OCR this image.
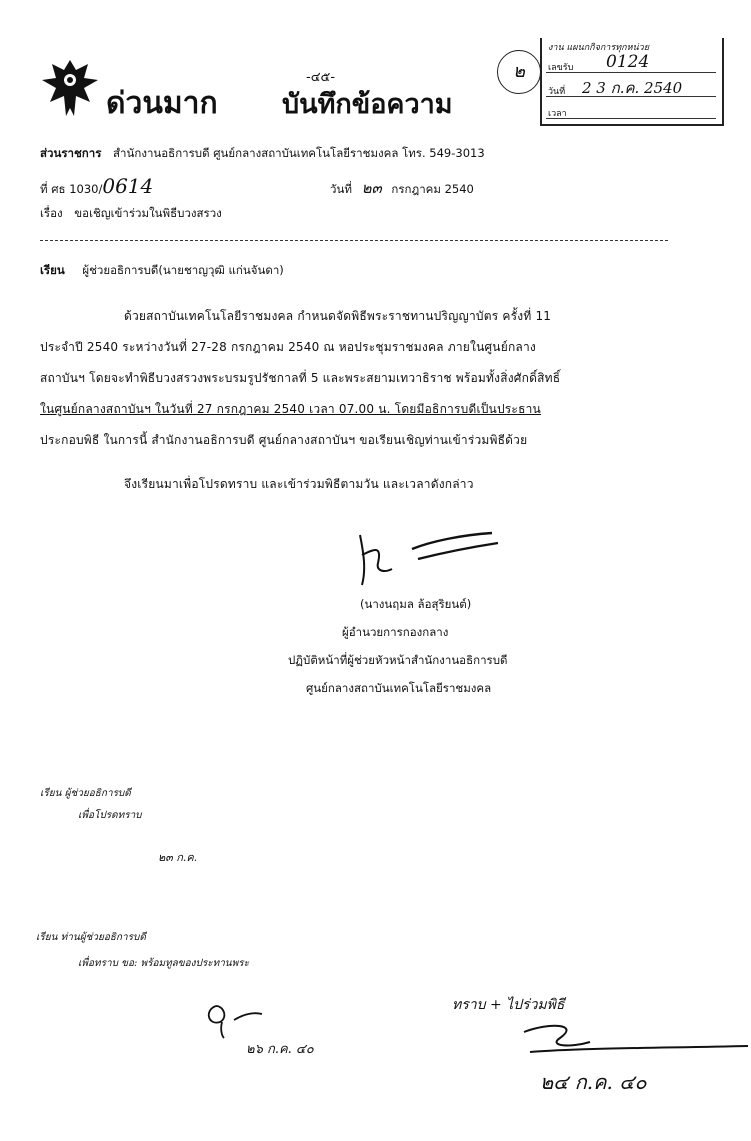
ด่วนมาก
-๔๕-
บันทึกข้อความ
๒
งาน แผนกกิจการทุกหน่วย
เลขรับ 0124
วันที่ 2 3 ก.ค. 2540
เวลา
ส่วนราชการ สำนักงานอธิการบดี ศูนย์กลางสถาบันเทคโนโลยีราชมงคล โทร. 549-3013
ที่ ศธ 1030/0614	วันที่ ๒๓ กรกฎาคม 2540
เรื่อง ขอเชิญเข้าร่วมในพิธีบวงสรวง
เรียน ผู้ช่วยอธิการบดี(นายชาญวุฒิ แก่นจันดา)
ด้วยสถาบันเทคโนโลยีราชมงคล กำหนดจัดพิธีพระราชทานปริญญาบัตร ครั้งที่ 11
ประจำปี 2540 ระหว่างวันที่ 27-28 กรกฎาคม 2540 ณ หอประชุมราชมงคล ภายในศูนย์กลาง
สถาบันฯ โดยจะทำพิธีบวงสรวงพระบรมรูปรัชกาลที่ 5 และพระสยามเทวาธิราช พร้อมทั้งสิ่งศักดิ์สิทธิ์
ในศูนย์กลางสถาบันฯ ในวันที่ 27 กรกฎาคม 2540 เวลา 07.00 น. โดยมีอธิการบดีเป็นประธาน
ประกอบพิธี ในการนี้ สำนักงานอธิการบดี ศูนย์กลางสถาบันฯ ขอเรียนเชิญท่านเข้าร่วมพิธีด้วย
จึงเรียนมาเพื่อโปรดทราบ และเข้าร่วมพิธีตามวัน และเวลาดังกล่าว
(นางนฤมล ล้อสุริยนต์)
ผู้อำนวยการกองกลาง
ปฏิบัติหน้าที่ผู้ช่วยหัวหน้าสำนักงานอธิการบดี
ศูนย์กลางสถาบันเทคโนโลยีราชมงคล
เรียน ผู้ช่วยอธิการบดี
เพื่อโปรดทราบ
๒๓ ก.ค.
เรียน ท่านผู้ช่วยอธิการบดี
เพื่อทราบ ขอ: พร้อมทูลของประทานพระ
๒๖ ก.ค. ๔๐
ทราบ + ไปร่วมพิธี
๒๔ ก.ค. ๔๐
